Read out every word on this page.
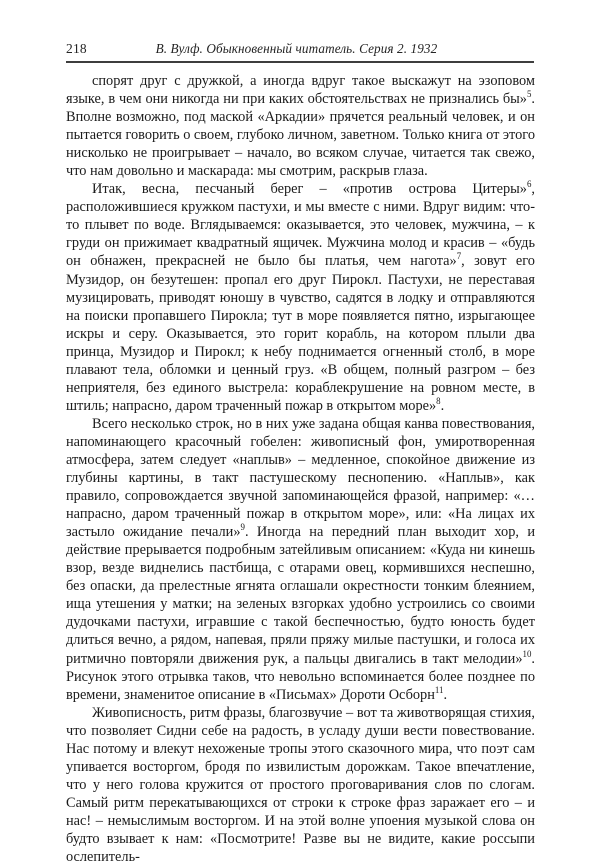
218	В. Вулф. Обыкновенный читатель. Серия 2. 1932

спорят друг с дружкой, а иногда вдруг такое выскажут на эзоповом языке, в чем они никогда ни при каких обстоятельствах не признались бы»$^5$. Вполне возможно, под маской «Аркадии» прячется реальный человек, и он пытается говорить о своем, глубоко личном, заветном. Только книга от этого нисколько не проигрывает – начало, во всяком случае, читается так свежо, что нам довольно и маскарада: мы смотрим, раскрыв глаза.

Итак, весна, песчаный берег – «против острова Цитеры»$^6$, расположившиеся кружком пастухи, и мы вместе с ними. Вдруг видим: что-то плывет по воде. Вглядываемся: оказывается, это человек, мужчина, – к груди он прижимает квадратный ящичек. Мужчина молод и красив – «будь он обнажен, прекрасней не было бы платья, чем нагота»$^7$, зовут его Музидор, он безутешен: пропал его друг Пирокл. Пастухи, не переставая музицировать, приводят юношу в чувство, садятся в лодку и отправляются на поиски пропавшего Пирокла; тут в море появляется пятно, изрыгающее искры и серу. Оказывается, это горит корабль, на котором плыли два принца, Музидор и Пирокл; к небу поднимается огненный столб, в море плавают тела, обломки и ценный груз. «В общем, полный разгром – без неприятеля, без единого выстрела: кораблекрушение на ровном месте, в штиль; напрасно, даром траченный пожар в открытом море»$^8$.

Всего несколько строк, но в них уже задана общая канва повествования, напоминающего красочный гобелен: живописный фон, умиротворенная атмосфера, затем следует «наплыв» – медленное, спокойное движение из глубины картины, в такт пастушескому песнопению. «Наплыв», как правило, сопровождается звучной запоминающейся фразой, например: «…напрасно, даром траченный пожар в открытом море», или: «На лицах их застыло ожидание печали»$^9$. Иногда на передний план выходит хор, и действие прерывается подробным затейливым описанием: «Куда ни кинешь взор, везде виднелись пастбища, с отарами овец, кормившихся неспешно, без опаски, да прелестные ягнята оглашали окрестности тонким блеянием, ища утешения у матки; на зеленых взгорках удобно устроились со своими дудочками пастухи, игравшие с такой беспечностью, будто юность будет длиться вечно, а рядом, напевая, пряли пряжу милые пастушки, и голоса их ритмично повторяли движения рук, а пальцы двигались в такт мелодии»$^{10}$. Рисунок этого отрывка таков, что невольно вспоминается более позднее по времени, знаменитое описание в «Письмах» Дороти Осборн$^{11}$.

Живописность, ритм фразы, благозвучие – вот та животворящая стихия, что позволяет Сидни себе на радость, в усладу души вести повествование. Нас потому и влекут нехоженые тропы этого сказочного мира, что поэт сам упивается восторгом, бродя по извилистым дорожкам. Такое впечатление, что у него голова кружится от простого проговаривания слов по слогам. Самый ритм перекатывающихся от строки к строке фраз заражает его – и нас! – немыслимым восторгом. И на этой волне упоения музыкой слова он будто взывает к нам: «Посмотрите! Разве вы не видите, какие россыпи ослепитель-
